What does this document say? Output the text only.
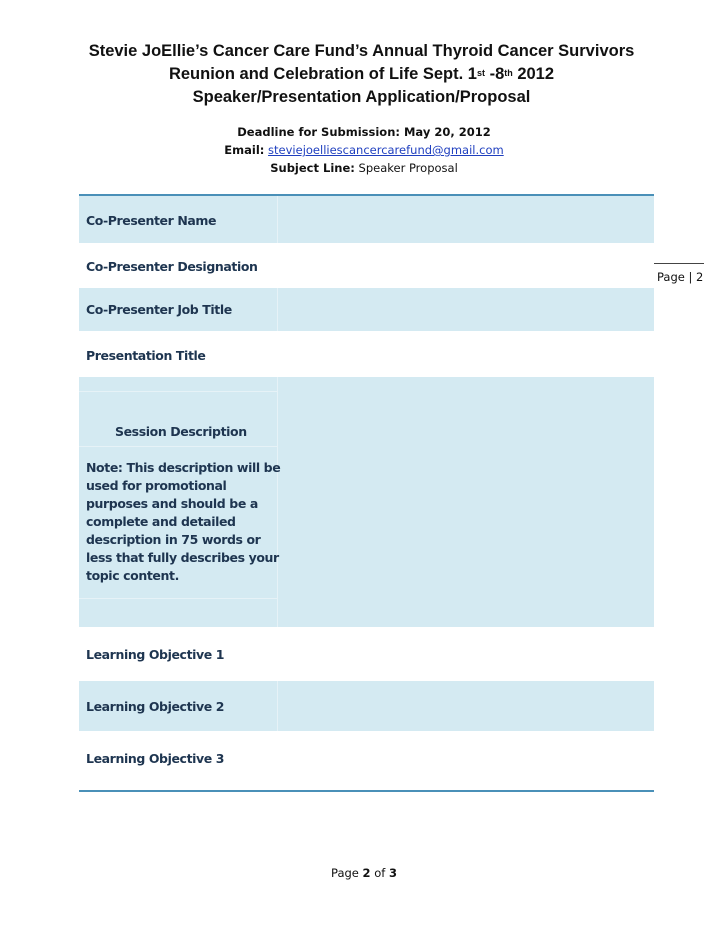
Stevie JoEllie’s Cancer Care Fund’s Annual Thyroid Cancer Survivors
Reunion and Celebration of Life Sept. 1st -8th 2012
Speaker/Presentation Application/Proposal
Deadline for Submission: May 20, 2012
Email: steviejoelliescancercarefund@gmail.com
Subject Line: Speaker Proposal
Co-Presenter Name
Co-Presenter Designation
Co-Presenter Job Title
Presentation Title
Session Description
Note: This description will be used for promotional purposes and should be a complete and detailed description in 75 words or less that fully describes your topic content.
Learning Objective 1
Learning Objective 2
Learning Objective 3
Page | 2
Page 2 of 3
